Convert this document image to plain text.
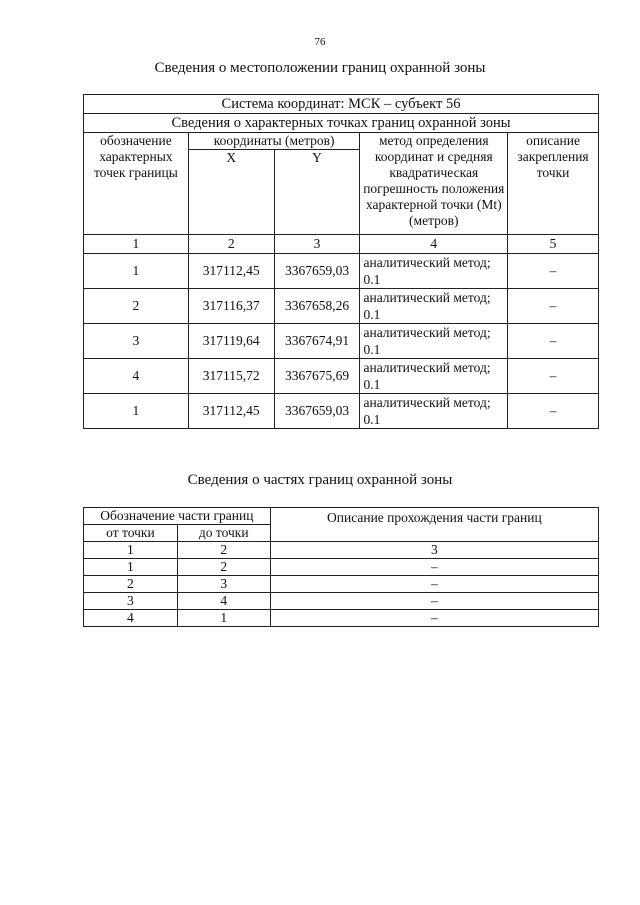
76
Сведения о местоположении границ охранной зоны
Система координат: МСК – субъект 56				
Сведения о характерных точках границ охранной зоны				
обозначение характерных точек границы	координаты (метров)		метод определения координат и средняя квадратическая погрешность положения характерной точки (Mt) (метров)	описание закрепления точки
	X	Y		
1	2	3	4	5
1	317112,45	3367659,03	аналитический метод; 0.1	–
2	317116,37	3367658,26	аналитический метод; 0.1	–
3	317119,64	3367674,91	аналитический метод; 0.1	–
4	317115,72	3367675,69	аналитический метод; 0.1	–
1	317112,45	3367659,03	аналитический метод; 0.1	–
Сведения о частях границ охранной зоны
Обозначение части границ		Описание прохождения части границ
от точки	до точки	
1	2	3
1	2	–
2	3	–
3	4	–
4	1	–
